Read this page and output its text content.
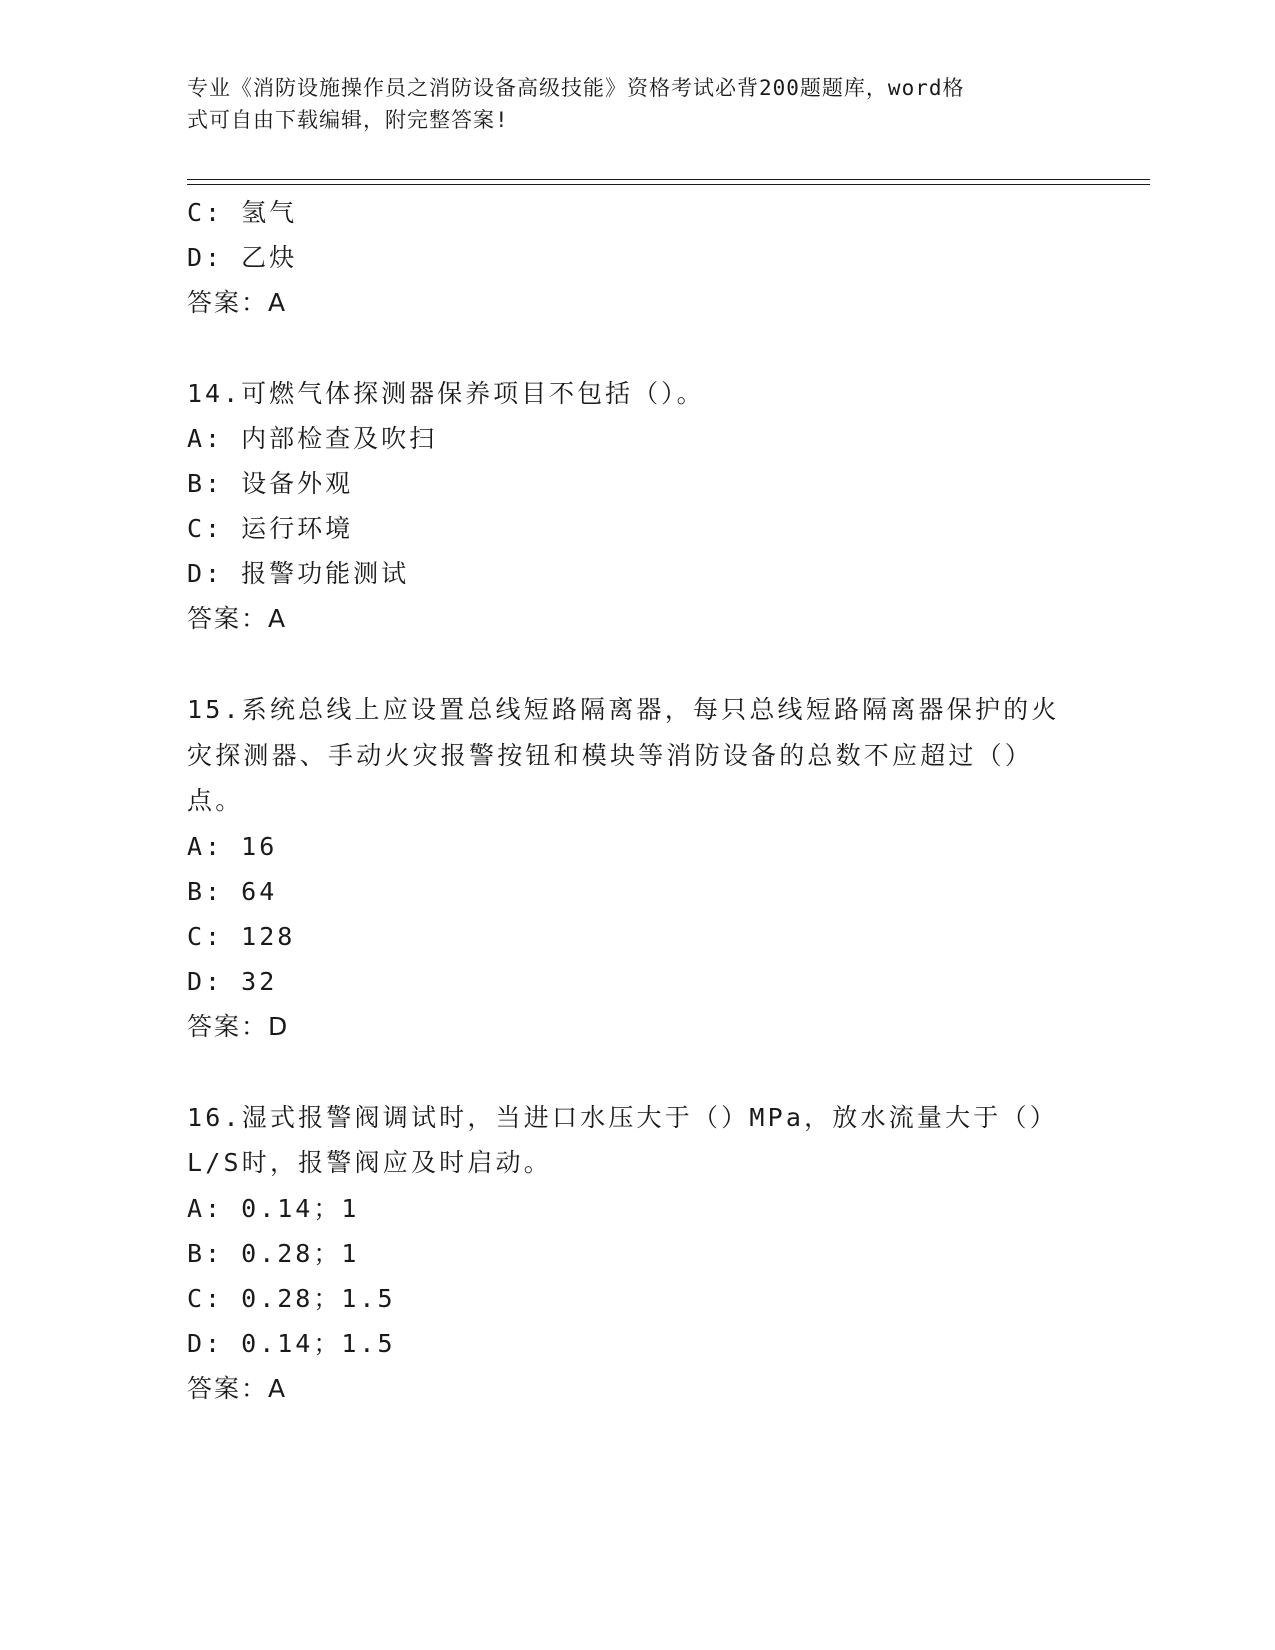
专业《消防设施操作员之消防设备高级技能》资格考试必背200题题库，word格
式可自由下载编辑，附完整答案!
C: 氢气
D: 乙炔
答案：A
14.可燃气体探测器保养项目不包括（）。
A: 内部检查及吹扫
B: 设备外观
C: 运行环境
D: 报警功能测试
答案：A
15.系统总线上应设置总线短路隔离器，每只总线短路隔离器保护的火
灾探测器、手动火灾报警按钮和模块等消防设备的总数不应超过（）
点。
A: 16
B: 64
C: 128
D: 32
答案：D
16.湿式报警阀调试时，当进口水压大于（）MPa，放水流量大于（）
L/S时，报警阀应及时启动。
A: 0.14；1
B: 0.28；1
C: 0.28；1.5
D: 0.14；1.5
答案：A
